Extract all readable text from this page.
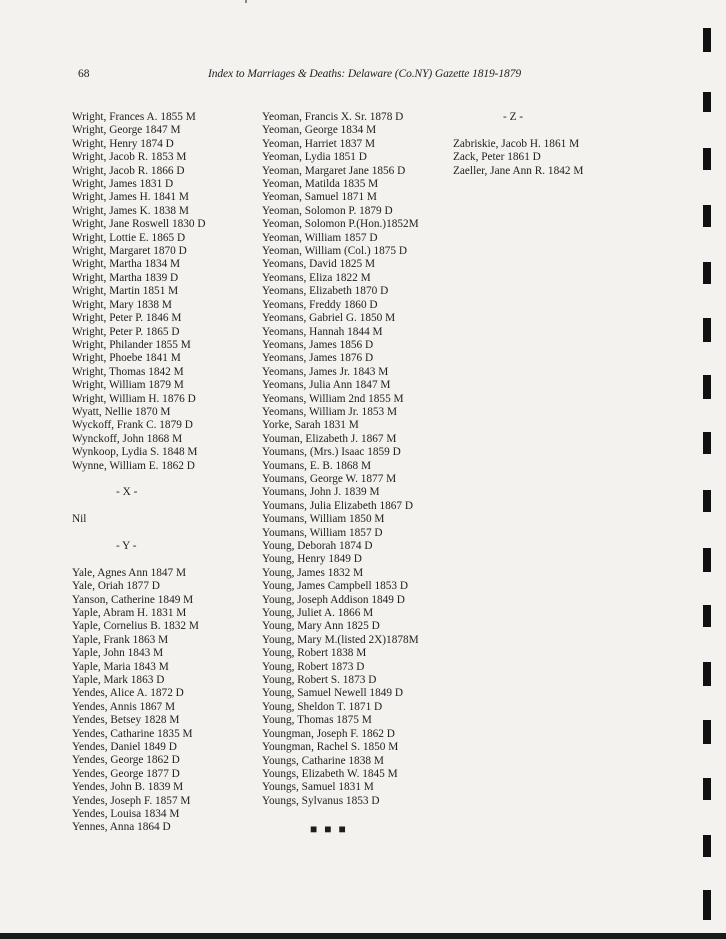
68	Index to Marriages & Deaths: Delaware (Co.NY) Gazette 1819-1879
Wright, Frances A. 1855 M
Wright, George 1847 M
Wright, Henry 1874 D
Wright, Jacob R. 1853 M
Wright, Jacob R. 1866 D
Wright, James 1831 D
Wright, James H. 1841 M
Wright, James K. 1838 M
Wright, Jane Roswell 1830 D
Wright, Lottie E. 1865 D
Wright, Margaret 1870 D
Wright, Martha 1834 M
Wright, Martha 1839 D
Wright, Martin 1851 M
Wright, Mary 1838 M
Wright, Peter P. 1846 M
Wright, Peter P. 1865 D
Wright, Philander 1855 M
Wright, Phoebe 1841 M
Wright, Thomas 1842 M
Wright, William 1879 M
Wright, William H. 1876 D
Wyatt, Nellie 1870 M
Wyckoff, Frank C. 1879 D
Wynckoff, John 1868 M
Wynkoop, Lydia S. 1848 M
Wynne, William E. 1862 D
- X -
Nil
- Y -
Yale, Agnes Ann 1847 M
Yale, Oriah 1877 D
Yanson, Catherine 1849 M
Yaple, Abram H. 1831 M
Yaple, Cornelius B. 1832 M
Yaple, Frank 1863 M
Yaple, John 1843 M
Yaple, Maria 1843 M
Yaple, Mark 1863 D
Yendes, Alice A. 1872 D
Yendes, Annis 1867 M
Yendes, Betsey 1828 M
Yendes, Catharine 1835 M
Yendes, Daniel 1849 D
Yendes, George 1862 D
Yendes, George 1877 D
Yendes, John B. 1839 M
Yendes, Joseph F. 1857 M
Yendes, Louisa 1834 M
Yennes, Anna 1864 D
Yeoman, Francis X. Sr. 1878 D
Yeoman, George 1834 M
Yeoman, Harriet 1837 M
Yeoman, Lydia 1851 D
Yeoman, Margaret Jane 1856 D
Yeoman, Matilda 1835 M
Yeoman, Samuel 1871 M
Yeoman, Solomon P. 1879 D
Yeoman, Solomon P.(Hon.)1852M
Yeoman, William 1857 D
Yeoman, William (Col.) 1875 D
Yeomans, David 1825 M
Yeomans, Eliza 1822 M
Yeomans, Elizabeth 1870 D
Yeomans, Freddy 1860 D
Yeomans, Gabriel G. 1850 M
Yeomans, Hannah 1844 M
Yeomans, James 1856 D
Yeomans, James 1876 D
Yeomans, James Jr. 1843 M
Yeomans, Julia Ann 1847 M
Yeomans, William 2nd 1855 M
Yeomans, William Jr. 1853 M
Yorke, Sarah 1831 M
Youman, Elizabeth J. 1867 M
Youmans, (Mrs.) Isaac 1859 D
Youmans, E. B. 1868 M
Youmans, George W. 1877 M
Youmans, John J. 1839 M
Youmans, Julia Elizabeth 1867 D
Youmans, William 1850 M
Youmans, William 1857 D
Young, Deborah 1874 D
Young, Henry 1849 D
Young, James 1832 M
Young, James Campbell 1853 D
Young, Joseph Addison 1849 D
Young, Juliet A. 1866 M
Young, Mary Ann 1825 D
Young, Mary M.(listed 2X)1878M
Young, Robert 1838 M
Young, Robert 1873 D
Young, Robert S. 1873 D
Young, Samuel Newell 1849 D
Young, Sheldon T. 1871 D
Young, Thomas 1875 M
Youngman, Joseph F. 1862 D
Youngman, Rachel S. 1850 M
Youngs, Catharine 1838 M
Youngs, Elizabeth W. 1845 M
Youngs, Samuel 1831 M
Youngs, Sylvanus 1853 D
- Z -
Zabriskie, Jacob H. 1861 M
Zack, Peter 1861 D
Zaeller, Jane Ann R. 1842 M
■ ■ ■
